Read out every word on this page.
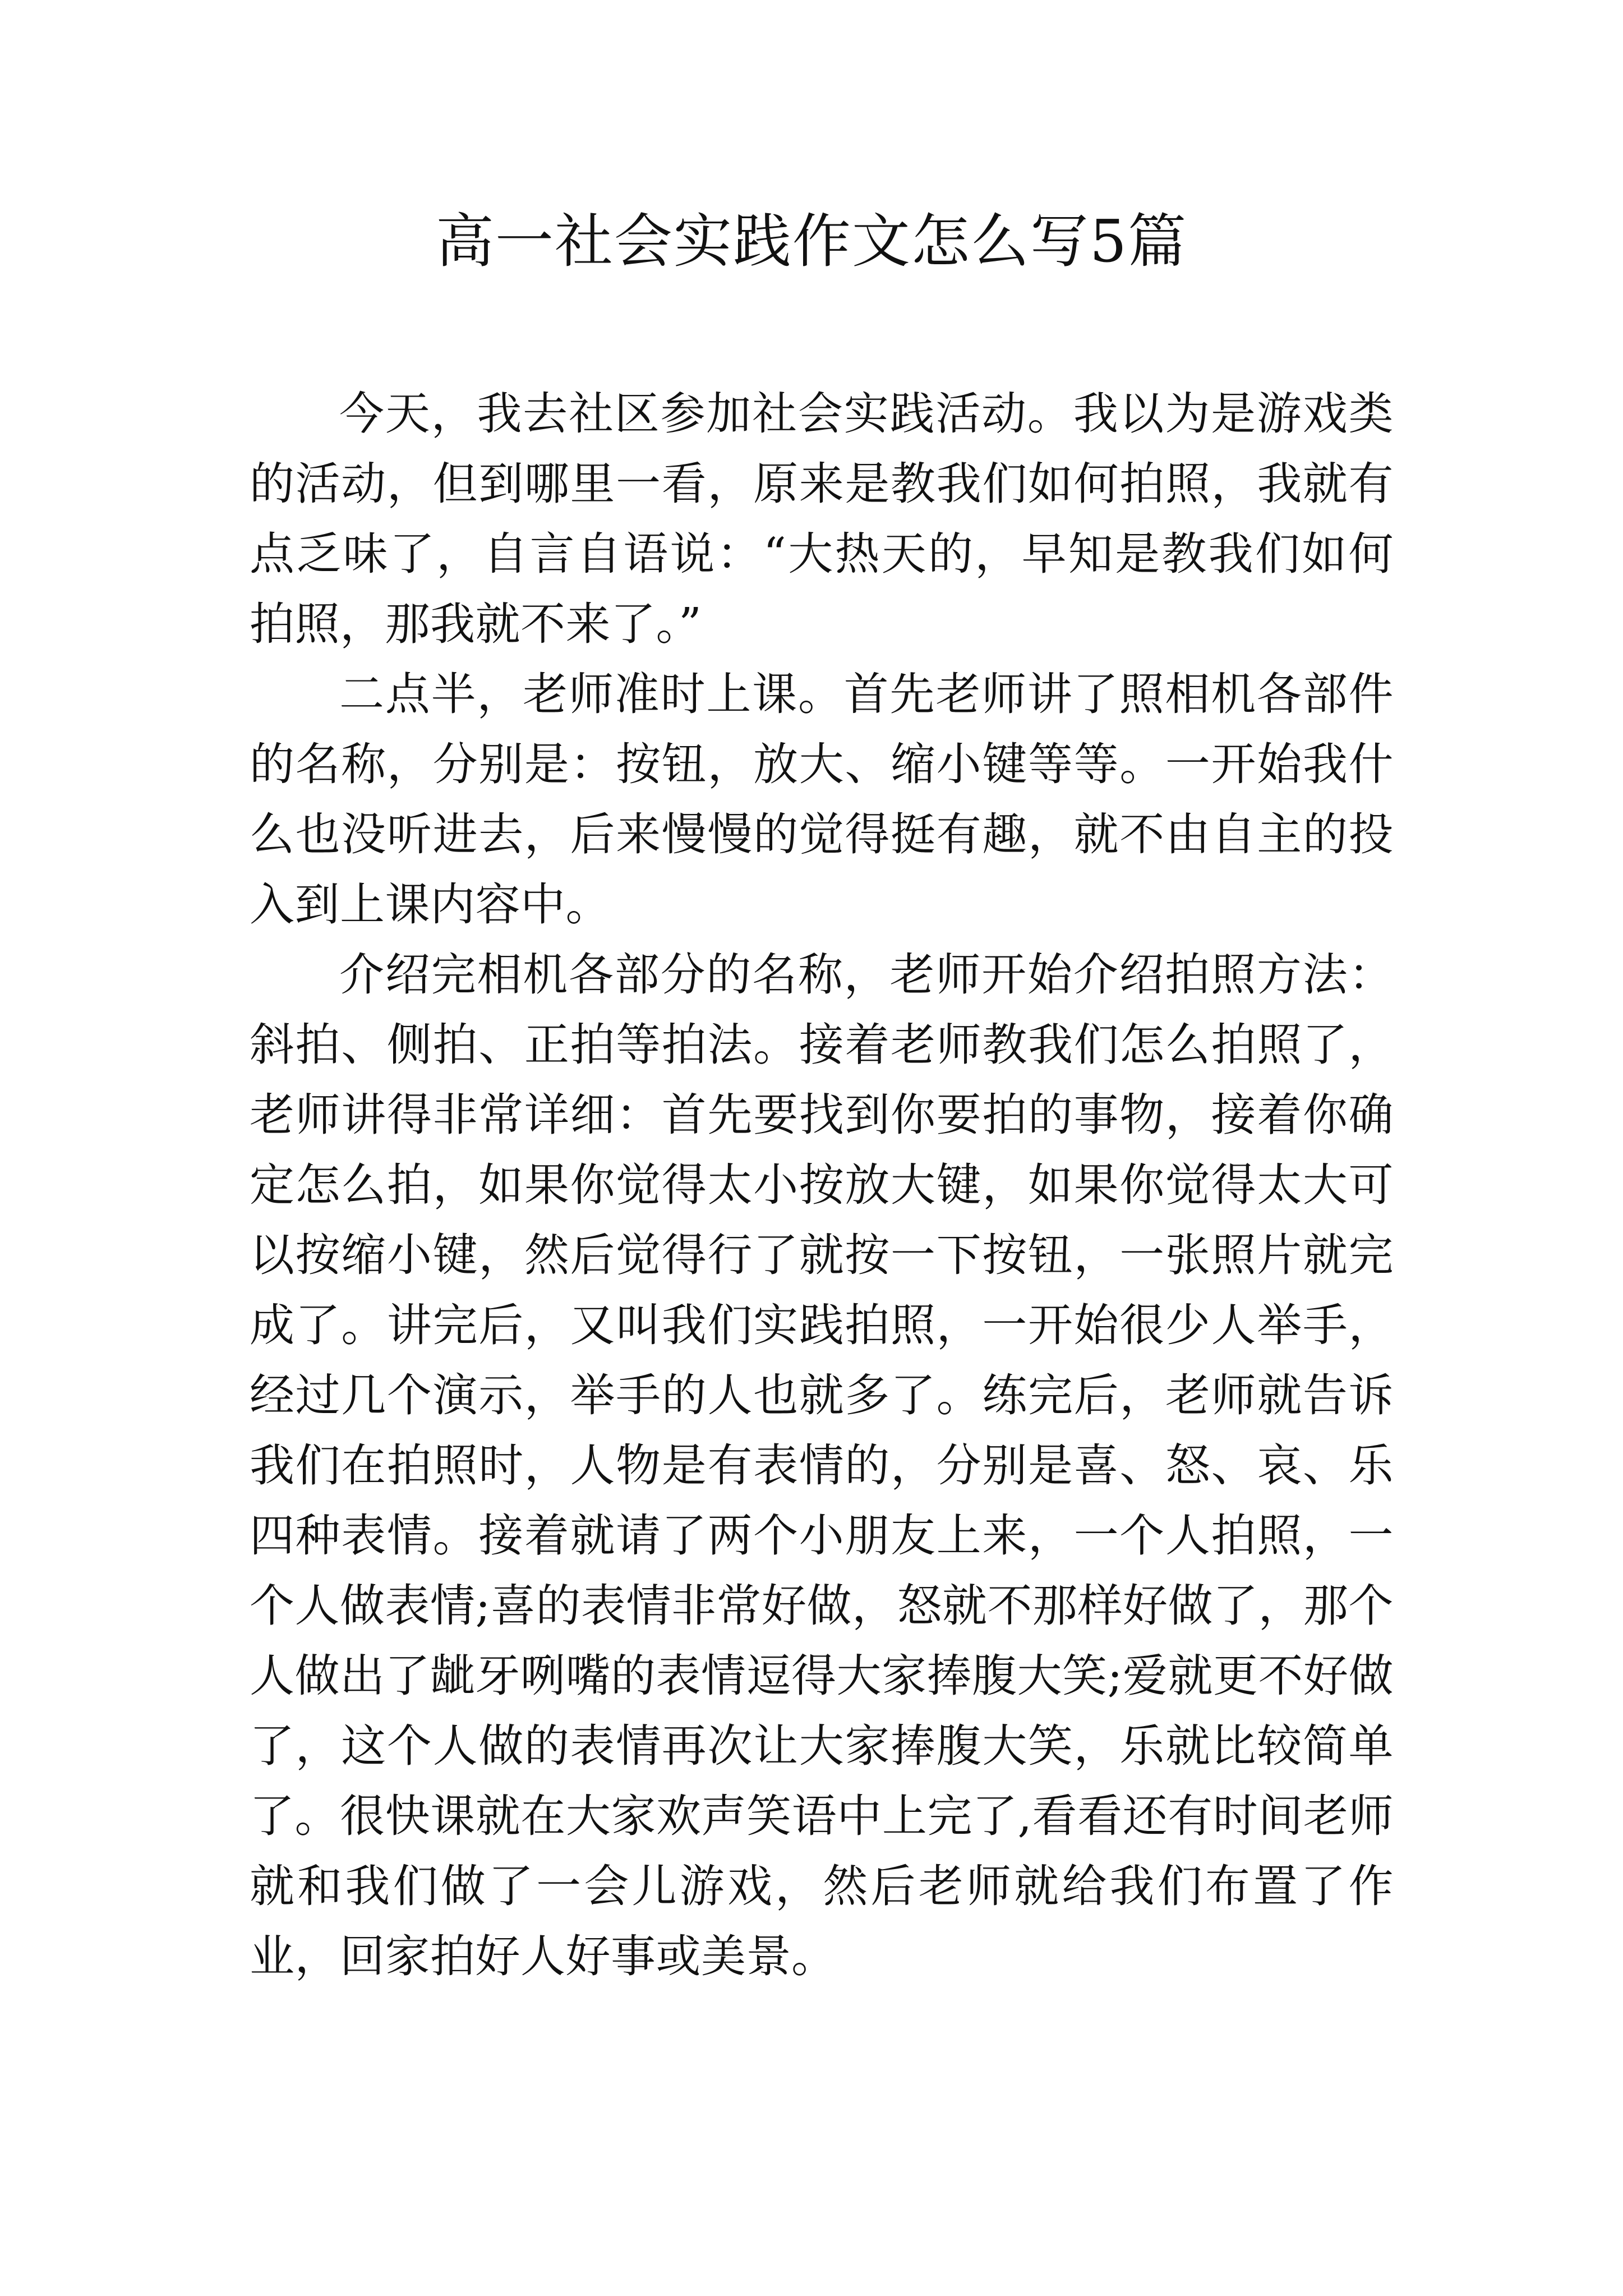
高一社会实践作文怎么写5篇

今天，我去社区参加社会实践活动。我以为是游戏类的活动，但到哪里一看，原来是教我们如何拍照，我就有点乏味了，自言自语说：“大热天的，早知是教我们如何拍照，那我就不来了。”

二点半，老师准时上课。首先老师讲了照相机各部件的名称，分别是：按钮，放大、缩小键等等。一开始我什么也没听进去，后来慢慢的觉得挺有趣，就不由自主的投入到上课内容中。

介绍完相机各部分的名称，老师开始介绍拍照方法：斜拍、侧拍、正拍等拍法。接着老师教我们怎么拍照了，老师讲得非常详细：首先要找到你要拍的事物，接着你确定怎么拍，如果你觉得太小按放大键，如果你觉得太大可以按缩小键，然后觉得行了就按一下按钮，一张照片就完成了。讲完后，又叫我们实践拍照，一开始很少人举手，经过几个演示，举手的人也就多了。练完后，老师就告诉我们在拍照时，人物是有表情的，分别是喜、怒、哀、乐四种表情。接着就请了两个小朋友上来，一个人拍照，一个人做表情;喜的表情非常好做，怒就不那样好做了，那个人做出了龇牙咧嘴的表情逗得大家捧腹大笑;爱就更不好做了，这个人做的表情再次让大家捧腹大笑，乐就比较简单了。很快课就在大家欢声笑语中上完了,看看还有时间老师就和我们做了一会儿游戏，然后老师就给我们布置了作业，回家拍好人好事或美景。
